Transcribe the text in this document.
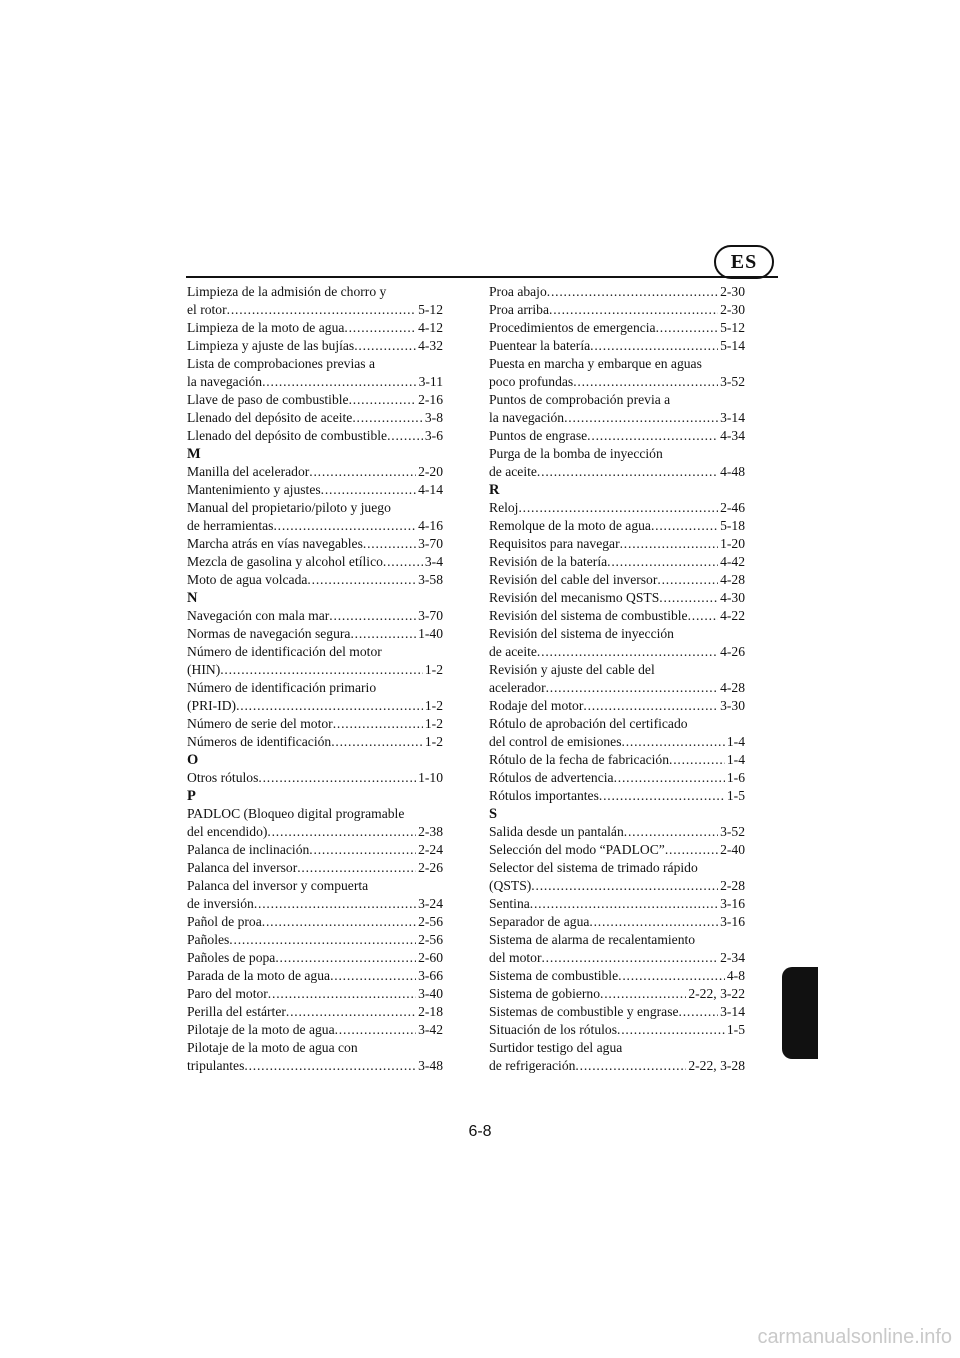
ES
Limpieza de la admisión de chorro y
el rotor . . .	5-12
Limpieza de la moto de agua . . .	4-12
Limpieza y ajuste de las bujías . . .	4-32
Lista de comprobaciones previas a
la navegación . . .	3-11
Llave de paso de combustible . . .	2-16
Llenado del depósito de aceite . . .	3-8
Llenado del depósito de combustible . . .	3-6
M
Manilla del acelerador . . .	2-20
Mantenimiento y ajustes . . .	4-14
Manual del propietario/piloto y juego
de herramientas . . .	4-16
Marcha atrás en vías navegables . . .	3-70
Mezcla de gasolina y alcohol etílico . . .	3-4
Moto de agua volcada . . .	3-58
N
Navegación con mala mar . . .	3-70
Normas de navegación segura . . .	1-40
Número de identificación del motor
(HIN) . . .	1-2
Número de identificación primario
(PRI-ID) . . .	1-2
Número de serie del motor . . .	1-2
Números de identificación . . .	1-2
O
Otros rótulos . . .	1-10
P
PADLOC (Bloqueo digital programable
del encendido) . . .	2-38
Palanca de inclinación . . .	2-24
Palanca del inversor . . .	2-26
Palanca del inversor y compuerta
de inversión . . .	3-24
Pañol de proa . . .	2-56
Pañoles . . .	2-56
Pañoles de popa . . .	2-60
Parada de la moto de agua . . .	3-66
Paro del motor . . .	3-40
Perilla del estárter . . .	2-18
Pilotaje de la moto de agua . . .	3-42
Pilotaje de la moto de agua con
tripulantes . . .	3-48
Proa abajo . . .	2-30
Proa arriba . . .	2-30
Procedimientos de emergencia . . .	5-12
Puentear la batería . . .	5-14
Puesta en marcha y embarque en aguas
poco profundas . . .	3-52
Puntos de comprobación previa a
la navegación . . .	3-14
Puntos de engrase . . .	4-34
Purga de la bomba de inyección
de aceite . . .	4-48
R
Reloj . . .	2-46
Remolque de la moto de agua . . .	5-18
Requisitos para navegar . . .	1-20
Revisión de la batería . . .	4-42
Revisión del cable del inversor . . .	4-28
Revisión del mecanismo QSTS . . .	4-30
Revisión del sistema de combustible . . . 4-22
Revisión del sistema de inyección
de aceite . . .	4-26
Revisión y ajuste del cable del
acelerador . . .	4-28
Rodaje del motor . . .	3-30
Rótulo de aprobación del certificado
del control de emisiones . . .	1-4
Rótulo de la fecha de fabricación . . .	1-4
Rótulos de advertencia . . .	1-6
Rótulos importantes . . .	1-5
S
Salida desde un pantalán . . .	3-52
Selección del modo “PADLOC” . . .	2-40
Selector del sistema de trimado rápido
(QSTS) . . .	2-28
Sentina . . .	3-16
Separador de agua . . .	3-16
Sistema de alarma de recalentamiento
del motor . . .	2-34
Sistema de combustible . . .	4-8
Sistema de gobierno . . .	2-22, 3-22
Sistemas de combustible y engrase . . .	3-14
Situación de los rótulos . . .	1-5
Surtidor testigo del agua
de refrigeración . . .	2-22, 3-28
6-8
carmanualsonline.info
